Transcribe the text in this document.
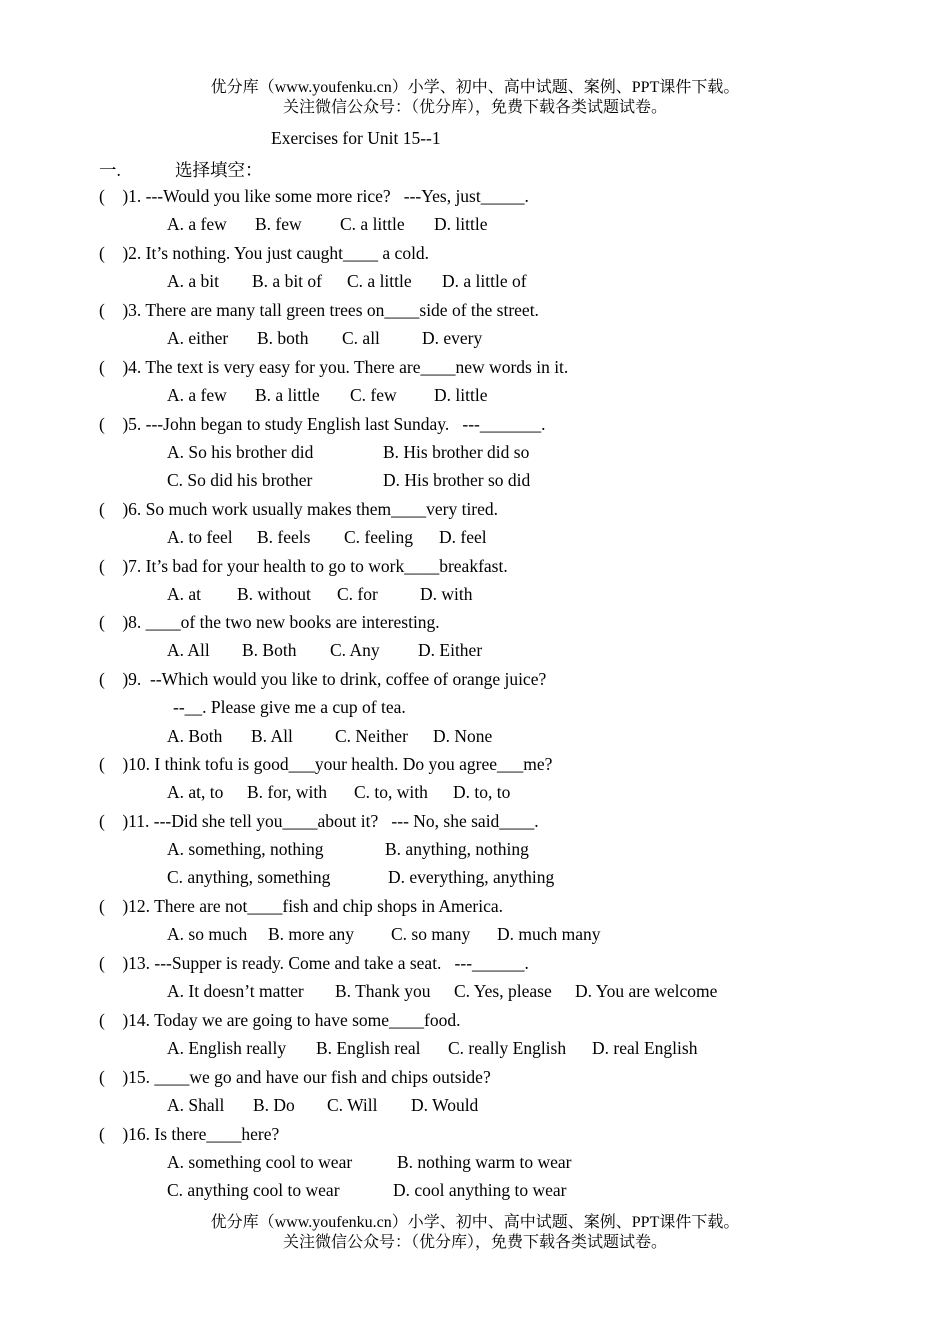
优分库（www.youfenku.cn）小学、初中、高中试题、案例、PPT课件下载。
关注微信公众号：（优分库），免费下载各类试题试卷。
Exercises for Unit 15--1
一.	选择填空：
(    )1. ---Would you like some more rice?   ---Yes, just_____.

A. a few

B. few

C. a little

D. little

(    )2. It’s nothing. You just caught____ a cold.

A. a bit

B. a bit of

C. a little

D. a little of

(    )3. There are many tall green trees on____side of the street.

A. either

B. both

C. all

D. every

(    )4. The text is very easy for you. There are____new words in it.

A. a few

B. a little

C. few

D. little

(    )5. ---John began to study English last Sunday.   ---_______.

A. So his brother did

	B. His brother did so

C. So did his brother

	D. His brother so did

(    )6. So much work usually makes them____very tired.

A. to feel

B. feels

C. feeling

D. feel

(    )7. It’s bad for your health to go to work____breakfast.

A. at

B. without

C. for

D. with

(    )8. ____of the two new books are interesting.

A. All

B. Both

C. Any

D. Either

(    )9.  --Which would you like to drink, coffee of orange juice?
--__. Please give me a cup of tea.

A. Both

B. All

C. Neither

D. None

(    )10. I think tofu is good___your health. Do you agree___me?

A. at, to

B. for, with

C. to, with

D. to, to

(    )11. ---Did she tell you____about it?   --- No, she said____.

A. something, nothing

	B. anything, nothing

C. anything, something

	D. everything, anything

(    )12. There are not____fish and chip shops in America.

A. so much

B. more any

C. so many

D. much many

(    )13. ---Supper is ready. Come and take a seat.   ---______.

A. It doesn’t matter

B. Thank you

C. Yes, please

D. You are welcome

(    )14. Today we are going to have some____food.

A. English really

B. English real

C. really English

D. real English

(    )15. ____we go and have our fish and chips outside?

A. Shall

B. Do

C. Will

D. Would

(    )16. Is there____here?

A. something cool to wear

	B. nothing warm to wear

C. anything cool to wear

	D. cool anything to wear

优分库（www.youfenku.cn）小学、初中、高中试题、案例、PPT课件下载。
关注微信公众号：（优分库），免费下载各类试题试卷。
